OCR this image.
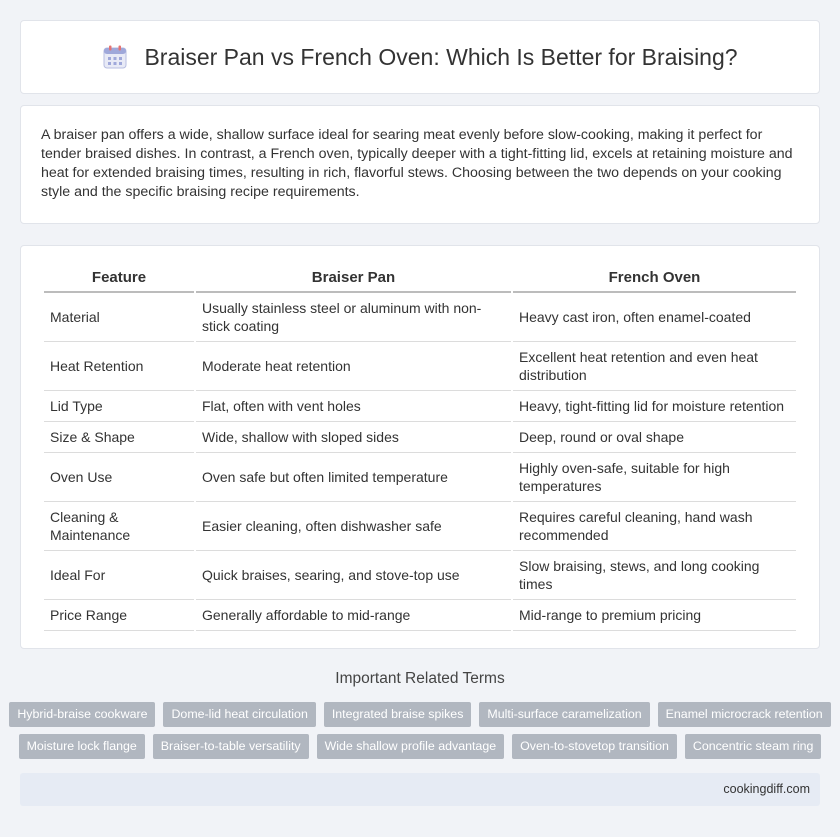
Braiser Pan vs French Oven: Which Is Better for Braising?

A braiser pan offers a wide, shallow surface ideal for searing meat evenly before slow-cooking, making it perfect for tender braised dishes. In contrast, a French oven, typically deeper with a tight-fitting lid, excels at retaining moisture and heat for extended braising times, resulting in rich, flavorful stews. Choosing between the two depends on your cooking style and the specific braising recipe requirements.

Feature	Braiser Pan	French Oven
Material	Usually stainless steel or aluminum with non-stick coating	Heavy cast iron, often enamel-coated
Heat Retention	Moderate heat retention	Excellent heat retention and even heat distribution
Lid Type	Flat, often with vent holes	Heavy, tight-fitting lid for moisture retention
Size & Shape	Wide, shallow with sloped sides	Deep, round or oval shape
Oven Use	Oven safe but often limited temperature	Highly oven-safe, suitable for high temperatures
Cleaning & Maintenance	Easier cleaning, often dishwasher safe	Requires careful cleaning, hand wash recommended
Ideal For	Quick braises, searing, and stove-top use	Slow braising, stews, and long cooking times
Price Range	Generally affordable to mid-range	Mid-range to premium pricing
Important Related Terms
Hybrid-braise cookware	Dome-lid heat circulation	Integrated braise spikes	Multi-surface caramelization	Enamel microcrack retention
Moisture lock flange	Braiser-to-table versatility	Wide shallow profile advantage	Oven-to-stovetop transition	Concentric steam ring
cookingdiff.com
